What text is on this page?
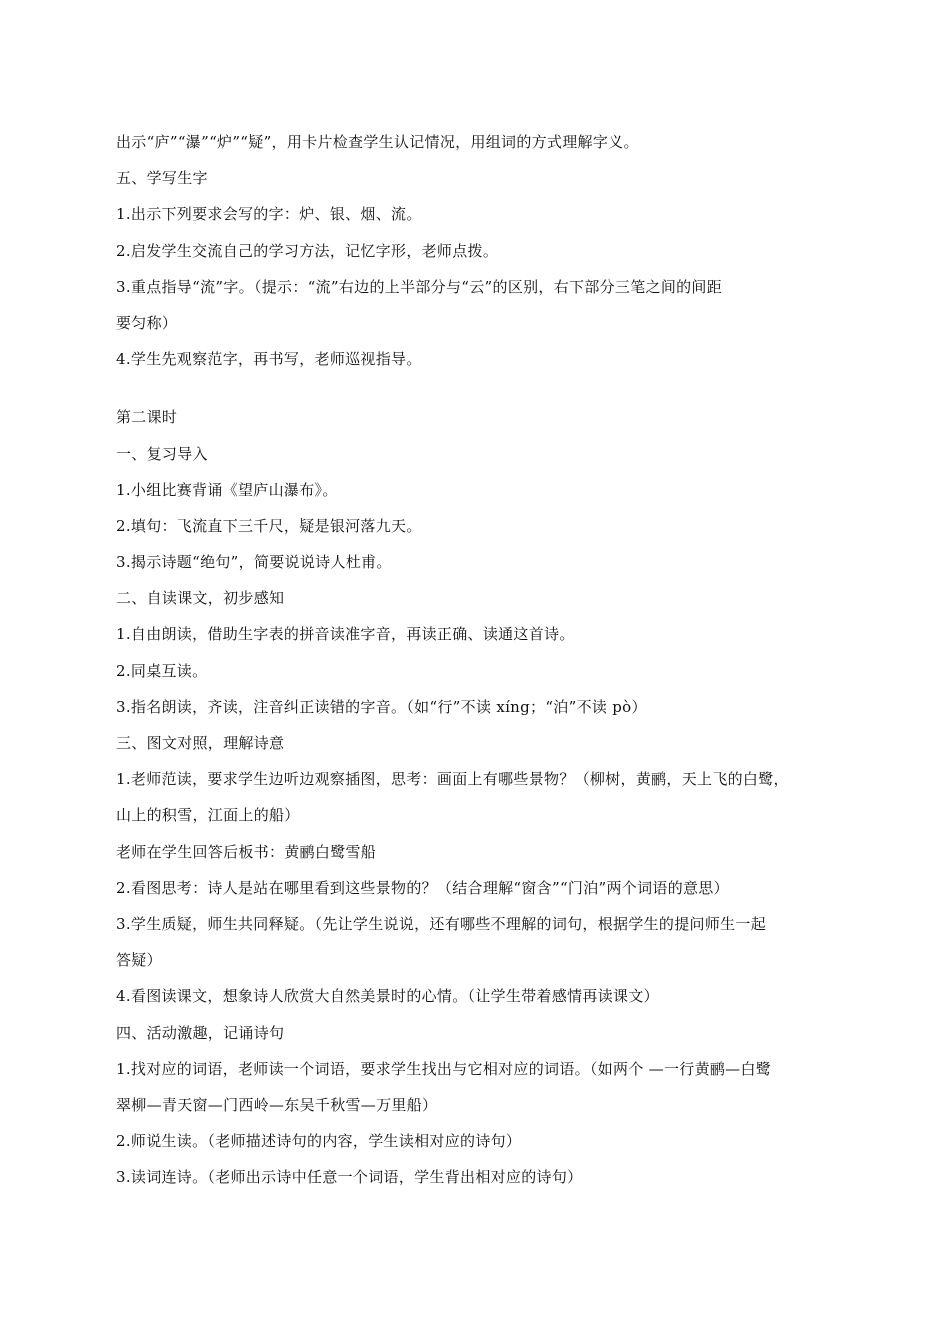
出示“庐”“瀑”“炉”“疑”，用卡片检查学生认记情况，用组词的方式理解字义。
五、学写生字
1.出示下列要求会写的字：炉、银、烟、流。
2.启发学生交流自己的学习方法，记忆字形，老师点拨。
3.重点指导“流”字。（提示：“流”右边的上半部分与“云”的区别，右下部分三笔之间的间距
要匀称）
4.学生先观察范字，再书写，老师巡视指导。
第二课时
一、复习导入
1.小组比赛背诵《望庐山瀑布》。
2.填句：飞流直下三千尺，疑是银河落九天。
3.揭示诗题“绝句”，简要说说诗人杜甫。
二、自读课文，初步感知
1.自由朗读，借助生字表的拼音读准字音，再读正确、读通这首诗。
2.同桌互读。
3.指名朗读，齐读，注音纠正读错的字音。（如“行”不读 xíng；“泊”不读 pò）
三、图文对照，理解诗意
1.老师范读，要求学生边听边观察插图，思考：画面上有哪些景物？（柳树，黄鹂，天上飞的白鹭，
山上的积雪，江面上的船）
老师在学生回答后板书：黄鹂白鹭雪船
2.看图思考：诗人是站在哪里看到这些景物的？（结合理解“窗含”“门泊”两个词语的意思）
3.学生质疑，师生共同释疑。（先让学生说说，还有哪些不理解的词句，根据学生的提问师生一起
答疑）
4.看图读课文，想象诗人欣赏大自然美景时的心情。（让学生带着感情再读课文）
四、活动激趣，记诵诗句
1.找对应的词语，老师读一个词语，要求学生找出与它相对应的词语。（如两个 —一行黄鹂—白鹭
翠柳—青天窗—门西岭—东吴千秋雪—万里船）
2.师说生读。（老师描述诗句的内容，学生读相对应的诗句）
3.读词连诗。（老师出示诗中任意一个词语，学生背出相对应的诗句）
